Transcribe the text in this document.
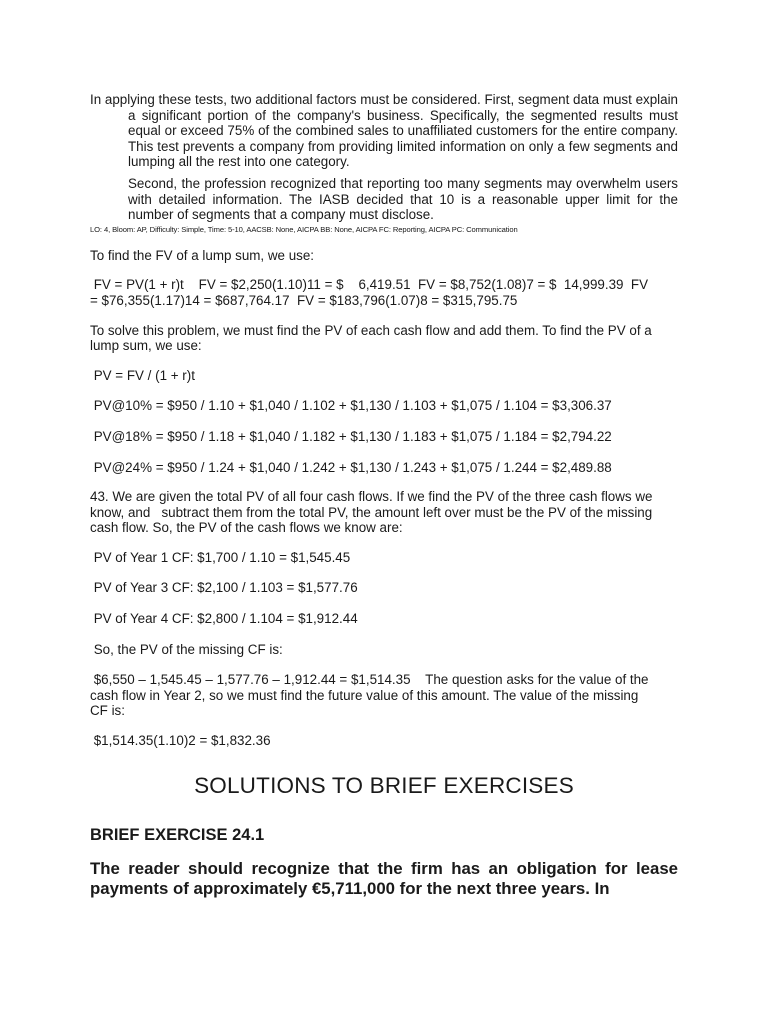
In applying these tests, two additional factors must be considered. First, segment data must explain a significant portion of the company's business. Specifically, the segmented results must equal or exceed 75% of the combined sales to unaffiliated customers for the entire company. This test prevents a company from providing limited information on only a few segments and lumping all the rest into one category.

Second, the profession recognized that reporting too many segments may overwhelm users with detailed information. The IASB decided that 10 is a reasonable upper limit for the number of segments that a company must disclose.

LO: 4, Bloom: AP, Difficulty: Simple, Time: 5-10, AACSB: None, AICPA BB: None, AICPA FC: Reporting, AICPA PC: Communication

To find the FV of a lump sum, we use:

FV = PV(1 + r)t    FV = $2,250(1.10)11 = $    6,419.51  FV = $8,752(1.08)7 = $  14,999.39  FV

= $76,355(1.17)14 = $687,764.17  FV = $183,796(1.07)8 = $315,795.75

To solve this problem, we must find the PV of each cash flow and add them. To find the PV of a lump sum, we use:

PV = FV / (1 + r)t

PV@10% = $950 / 1.10 + $1,040 / 1.102 + $1,130 / 1.103 + $1,075 / 1.104 = $3,306.37

PV@18% = $950 / 1.18 + $1,040 / 1.182 + $1,130 / 1.183 + $1,075 / 1.184 = $2,794.22

PV@24% = $950 / 1.24 + $1,040 / 1.242 + $1,130 / 1.243 + $1,075 / 1.244 = $2,489.88

43. We are given the total PV of all four cash flows. If we find the PV of the three cash flows we

know, and   subtract them from the total PV, the amount left over must be the PV of the missing

cash flow. So, the PV of the cash flows we know are:

PV of Year 1 CF: $1,700 / 1.10 = $1,545.45

PV of Year 3 CF: $2,100 / 1.103 = $1,577.76

PV of Year 4 CF: $2,800 / 1.104 = $1,912.44

So, the PV of the missing CF is:

$6,550 – 1,545.45 – 1,577.76 – 1,912.44 = $1,514.35    The question asks for the value of the

cash flow in Year 2, so we must find the future value of this amount. The value of the missing

CF is:

$1,514.35(1.10)2 = $1,832.36

SOLUTIONS TO BRIEF EXERCISES
BRIEF EXERCISE 24.1

The reader should recognize that the firm has an obligation for lease payments of approximately €5,711,000 for the next three years. In
